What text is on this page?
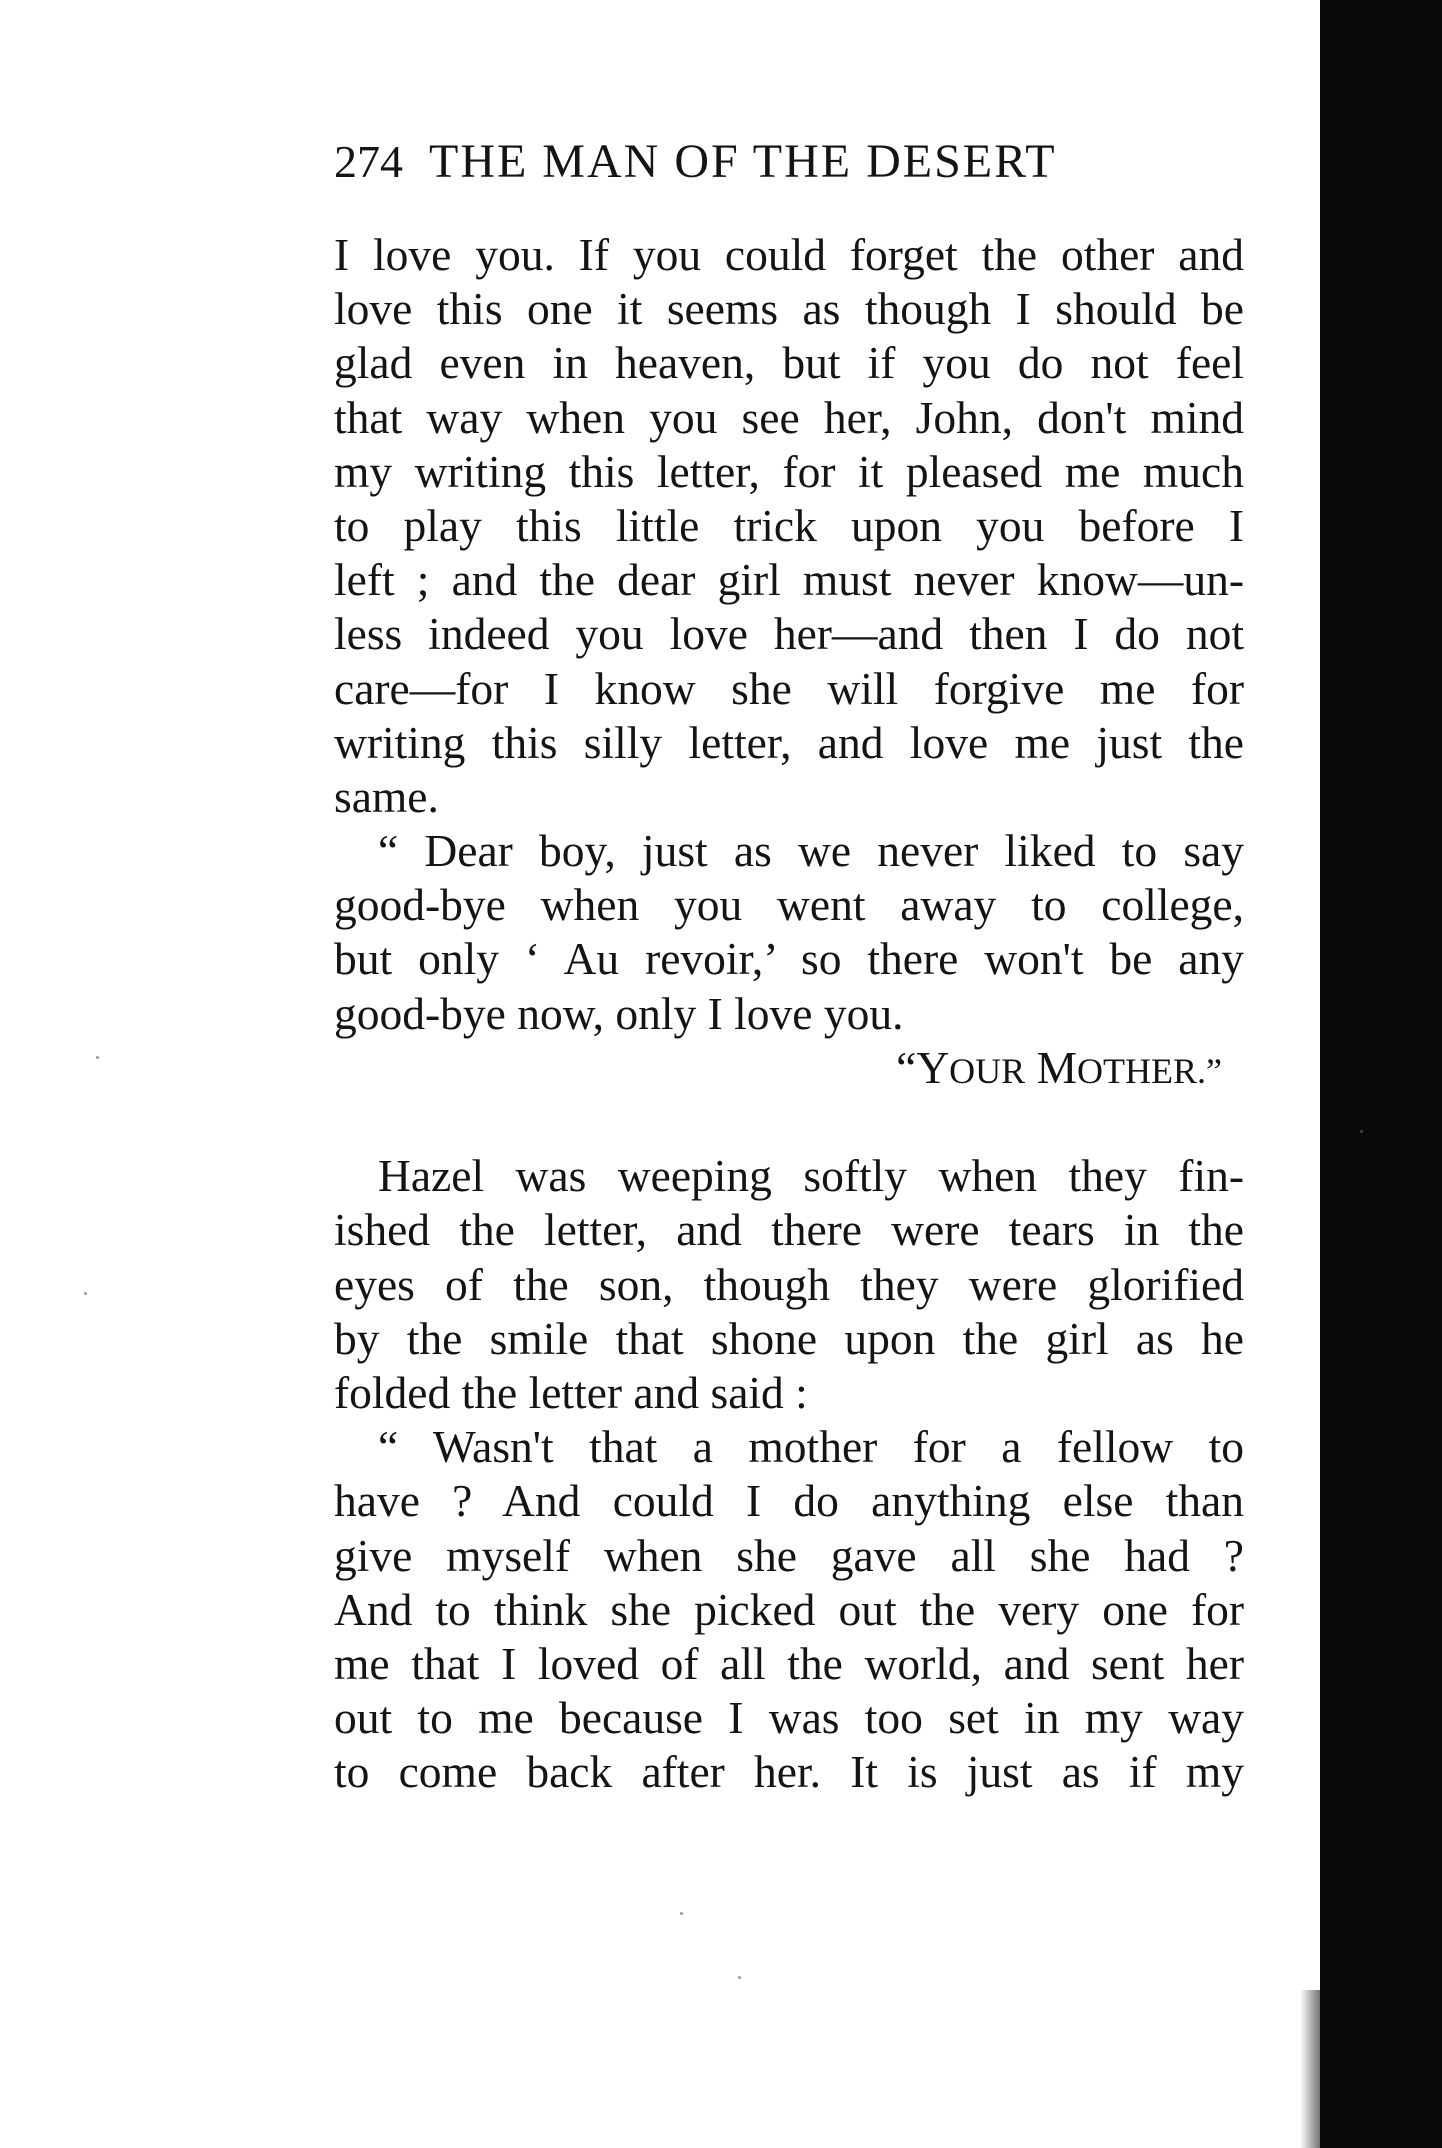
274 THE MAN OF THE DESERT
I love you. If you could forget the other and
love this one it seems as though I should be
glad even in heaven, but if you do not feel
that way when you see her, John, don't mind
my writing this letter, for it pleased me much
to play this little trick upon you before I
left ; and the dear girl must never know—un-
less indeed you love her—and then I do not
care—for I know she will forgive me for
writing this silly letter, and love me just the
same.
“ Dear boy, just as we never liked to say
good-bye when you went away to college,
but only ‘ Au revoir,’ so there won't be any
good-bye now, only I love you.
“YOUR MOTHER.”
Hazel was weeping softly when they fin-
ished the letter, and there were tears in the
eyes of the son, though they were glorified
by the smile that shone upon the girl as he
folded the letter and said :
“ Wasn't that a mother for a fellow to
have ? And could I do anything else than
give myself when she gave all she had ?
And to think she picked out the very one for
me that I loved of all the world, and sent her
out to me because I was too set in my way
to come back after her. It is just as if my
